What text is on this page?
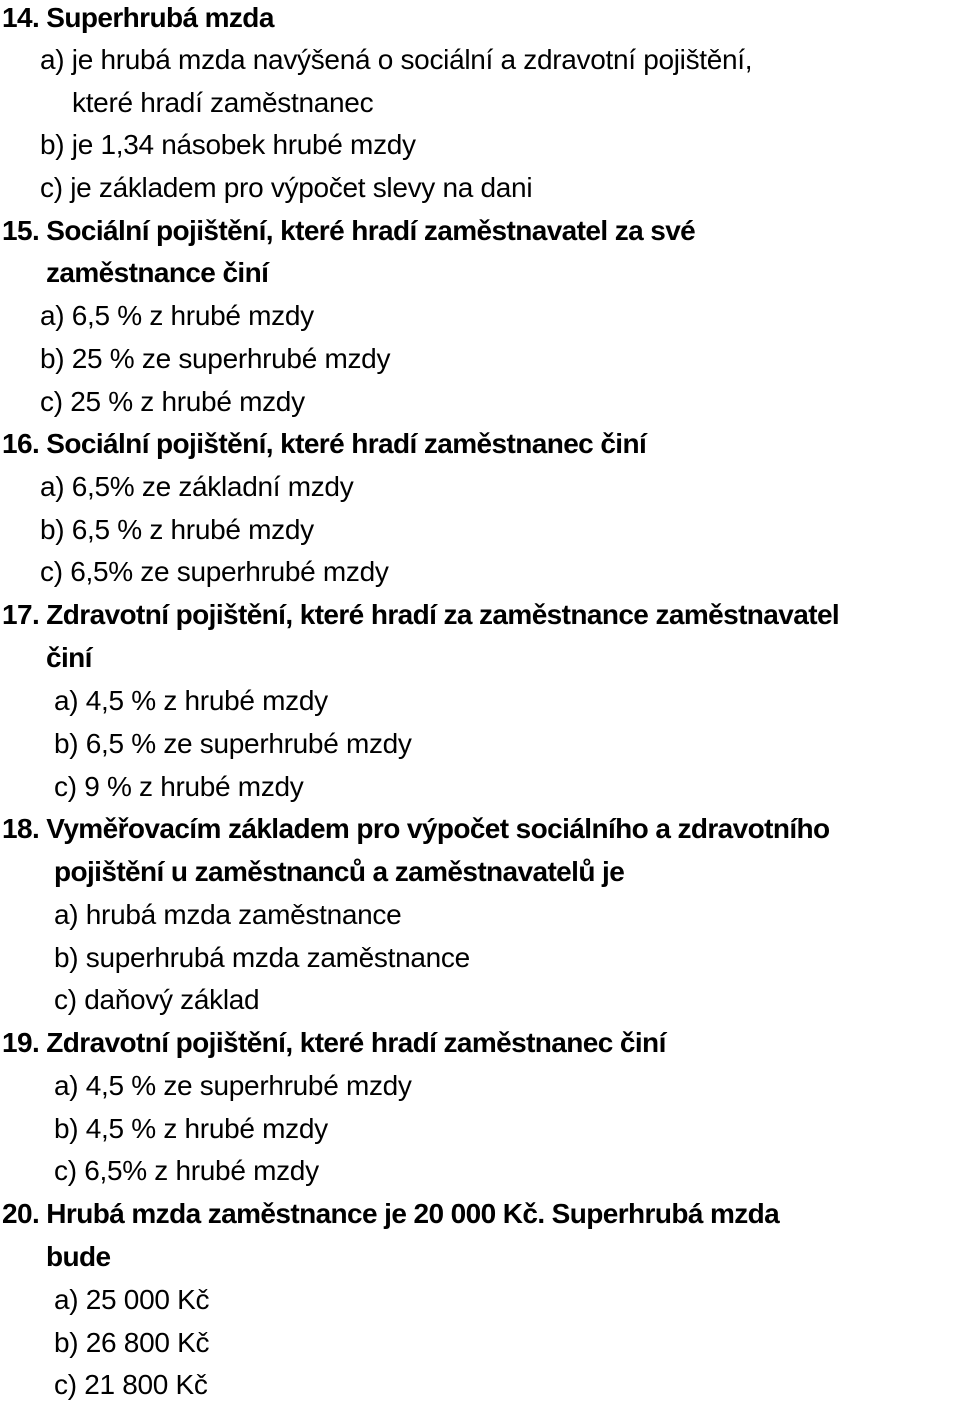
14. Superhrubá mzda
a) je hrubá mzda navýšená o sociální a zdravotní pojištění,
které hradí zaměstnanec
b) je 1,34 násobek hrubé mzdy
c) je základem pro výpočet slevy na dani
15. Sociální pojištění, které hradí zaměstnavatel za své
zaměstnance činí
a) 6,5 % z hrubé mzdy
b) 25 % ze superhrubé mzdy
c) 25 % z hrubé mzdy
16. Sociální pojištění, které hradí zaměstnanec činí
a) 6,5% ze základní mzdy
b) 6,5 % z hrubé mzdy
c) 6,5% ze superhrubé mzdy
17. Zdravotní pojištění, které hradí za zaměstnance zaměstnavatel
činí
a) 4,5 % z hrubé mzdy
b) 6,5 % ze superhrubé mzdy
c) 9 % z hrubé mzdy
18. Vyměřovacím základem pro výpočet sociálního a zdravotního
pojištění u zaměstnanců a zaměstnavatelů je
a) hrubá mzda zaměstnance
b) superhrubá mzda zaměstnance
c) daňový základ
19. Zdravotní pojištění, které hradí zaměstnanec činí
a) 4,5 % ze superhrubé mzdy
b) 4,5 % z hrubé mzdy
c) 6,5% z hrubé mzdy
20. Hrubá mzda zaměstnance je 20 000 Kč. Superhrubá mzda
bude
a) 25 000 Kč
b) 26 800 Kč
c) 21 800 Kč
